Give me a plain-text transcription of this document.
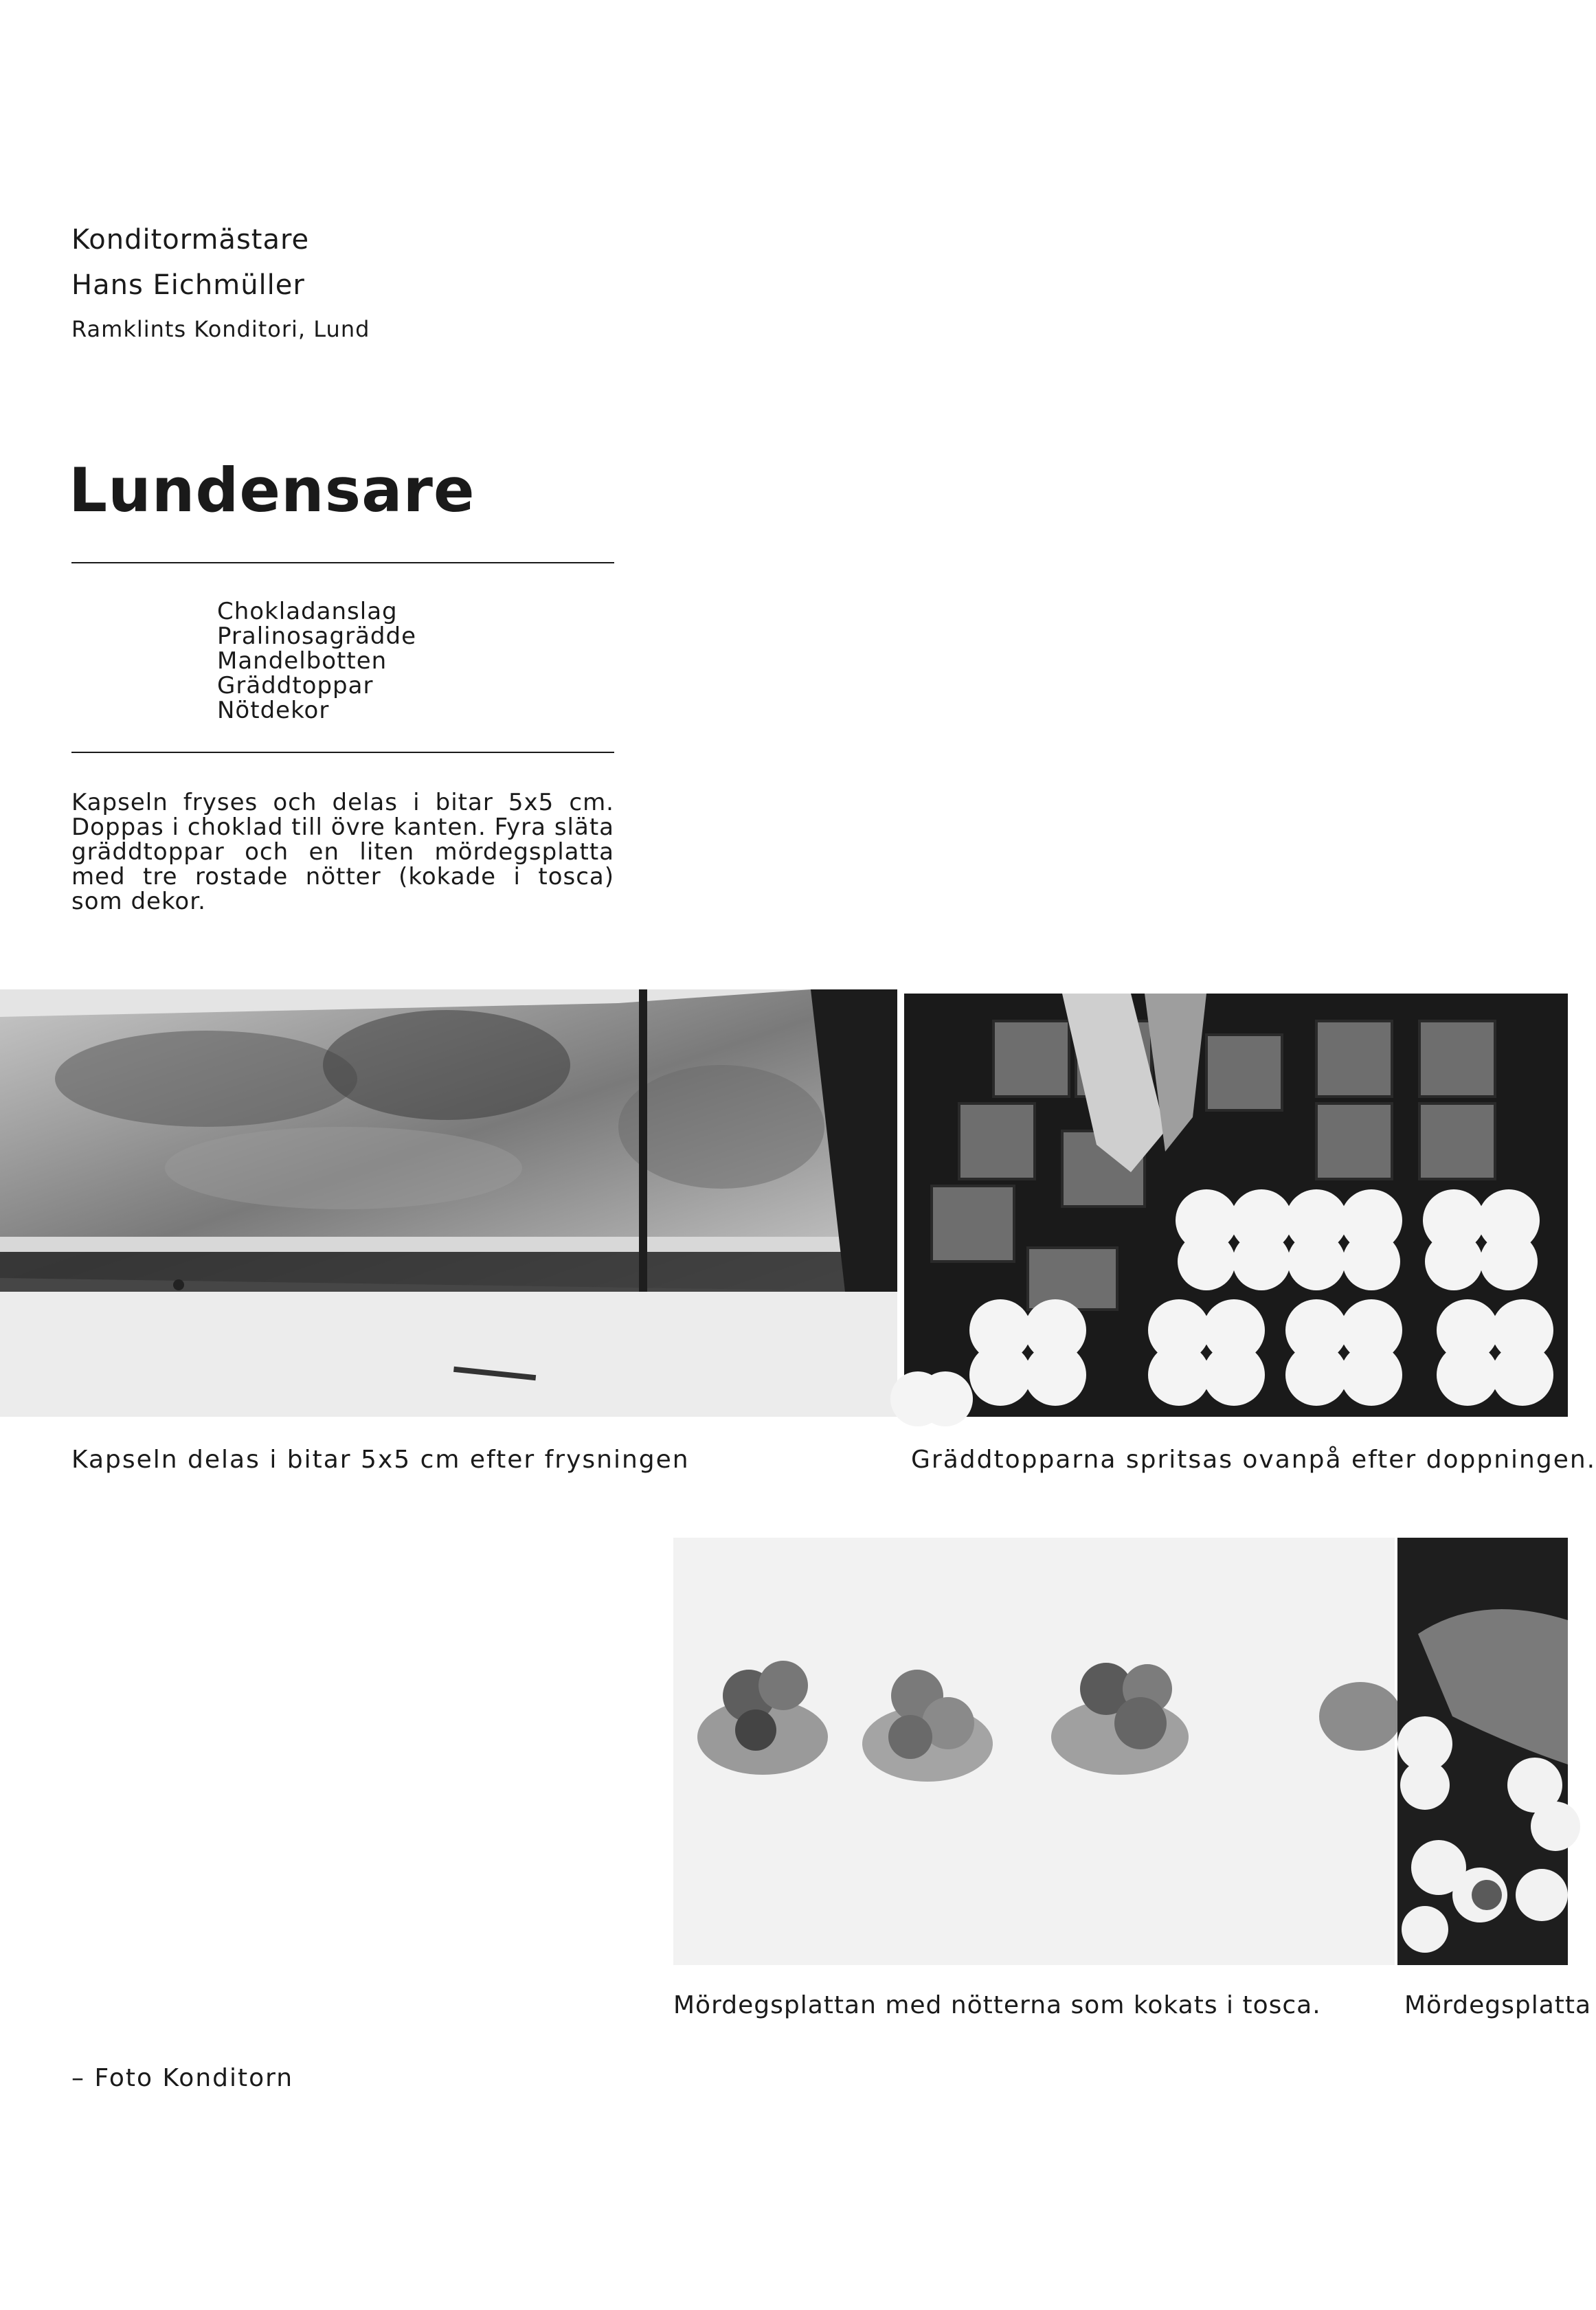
Konditormästare
Hans Eichmüller
Ramklints Konditori, Lund
Lundensare
Chokladanslag
Pralinosagrädde
Mandelbotten
Gräddtoppar
Nötdekor
Kapseln fryses och delas i bitar 5x5 cm. Doppas i choklad till övre kanten. Fyra släta gräddtoppar och en liten mördegsplatta med tre rostade nötter (kokade i tosca) som dekor.
Kapseln delas i bitar 5x5 cm efter frysningen	Gräddtopparna spritsas ovanpå efter doppningen.
Mördegsplattan med nötterna som kokats i tosca.	Mördegsplatta
– Foto Konditorn
